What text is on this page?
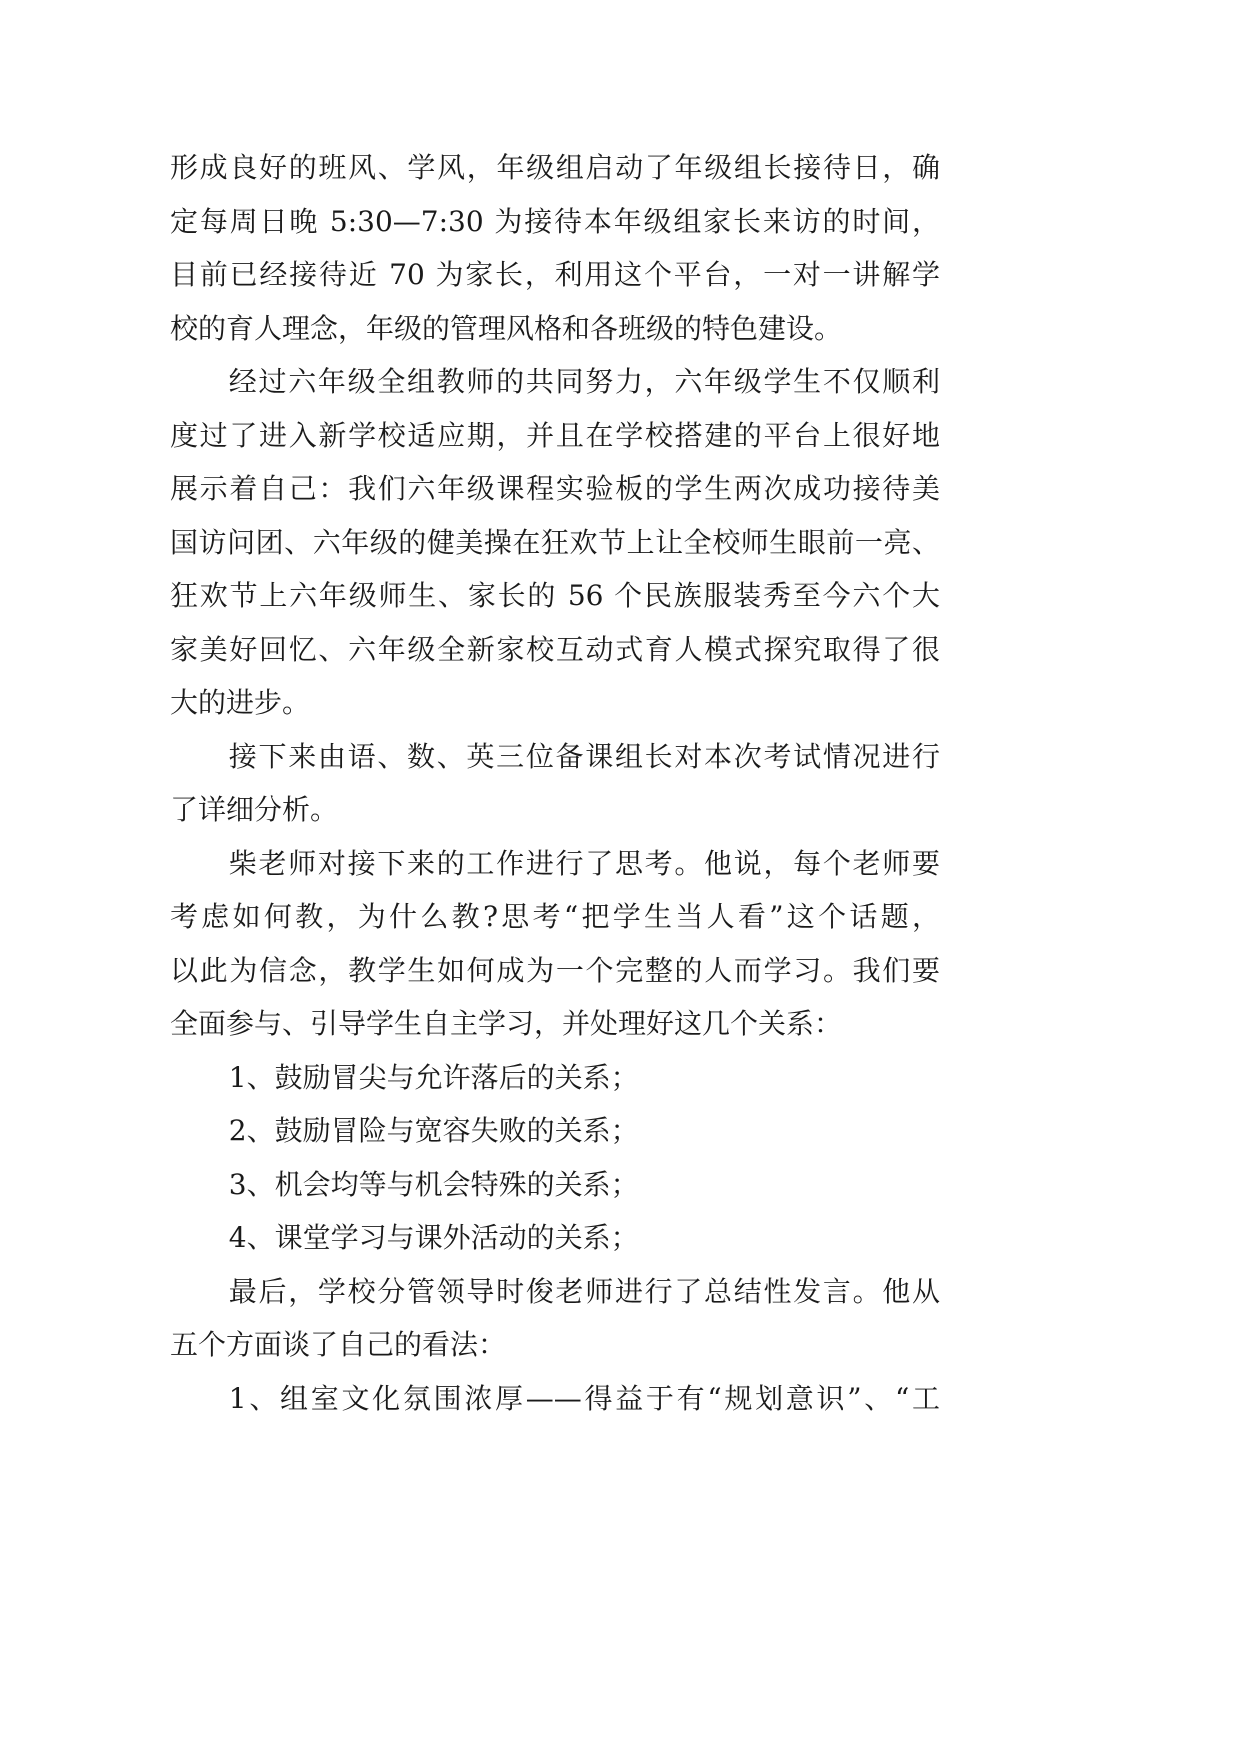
形成良好的班风、学风，年级组启动了年级组长接待日，确
定每周日晚 5:30—7:30 为接待本年级组家长来访的时间，
目前已经接待近 70 为家长，利用这个平台，一对一讲解学
校的育人理念，年级的管理风格和各班级的特色建设。
经过六年级全组教师的共同努力，六年级学生不仅顺利
度过了进入新学校适应期，并且在学校搭建的平台上很好地
展示着自己：我们六年级课程实验板的学生两次成功接待美
国访问团、六年级的健美操在狂欢节上让全校师生眼前一亮、
狂欢节上六年级师生、家长的 56 个民族服装秀至今六个大
家美好回忆、六年级全新家校互动式育人模式探究取得了很
大的进步。
接下来由语、数、英三位备课组长对本次考试情况进行
了详细分析。
柴老师对接下来的工作进行了思考。他说，每个老师要
考虑如何教，为什么教?思考“把学生当人看”这个话题，
以此为信念，教学生如何成为一个完整的人而学习。我们要
全面参与、引导学生自主学习，并处理好这几个关系：
1、鼓励冒尖与允许落后的关系；
2、鼓励冒险与宽容失败的关系；
3、机会均等与机会特殊的关系；
4、课堂学习与课外活动的关系；
最后，学校分管领导时俊老师进行了总结性发言。他从
五个方面谈了自己的看法：
1、组室文化氛围浓厚——得益于有“规划意识”、“工
